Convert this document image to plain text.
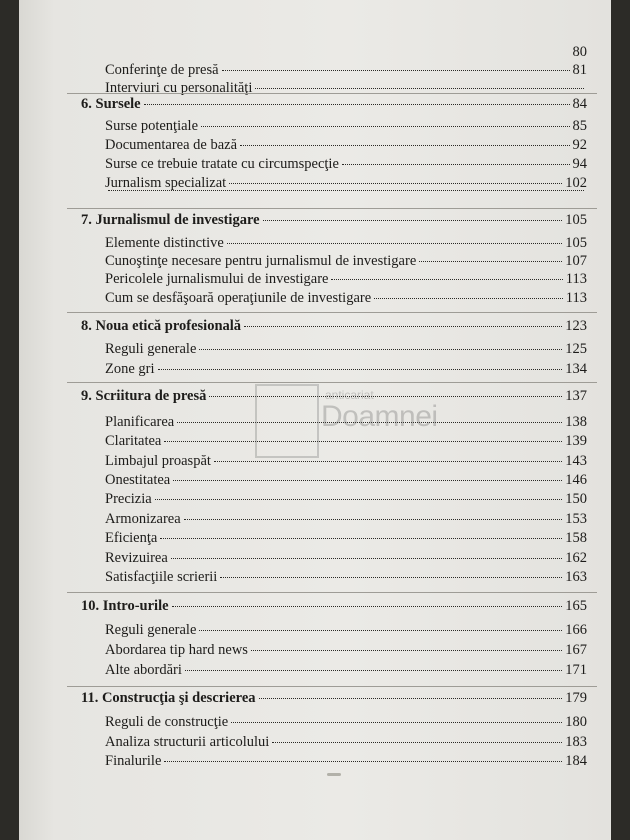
80
Conferinţe de presă	81
Interviuri cu personalităţi
6. Sursele	84
Surse potenţiale	85
Documentarea de bază	92
Surse ce trebuie tratate cu circumspecţie	94
Jurnalism specializat	102
7. Jurnalismul de investigare	105
Elemente distinctive	105
Cunoştinţe necesare pentru jurnalismul de investigare	107
Pericolele jurnalismului de investigare	113
Cum se desfăşoară operaţiunile de investigare	113
8. Noua etică profesională	123
Reguli generale	125
Zone gri	134
9. Scriitura de presă	137
Planificarea	138
Claritatea	139
Limbajul proaspăt	143
Onestitatea	146
Precizia	150
Armonizarea	153
Eficienţa	158
Revizuirea	162
Satisfacţiile scrierii	163
10. Intro-urile	165
Reguli generale	166
Abordarea tip hard news	167
Alte abordări	171
11. Construcţia şi descrierea	179
Reguli de construcţie	180
Analiza structurii articolului	183
Finalurile	184
anticariat
Doamnei
